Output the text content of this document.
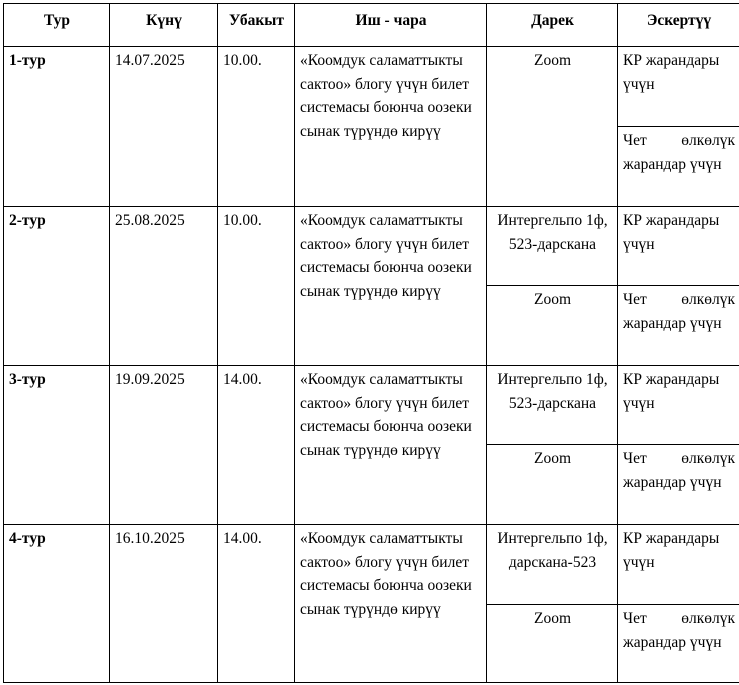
Тур	Күнү	Убакыт	Иш - чара	Дарек	Эскертүү
1-тур	14.07.2025	10.00.	«Коомдук саламаттыкты сактоо» блогу үчүн билет системасы боюнча оозеки сынак түрүндө кирүү	Zoom	КР жарандары үчүн
					Чет өлкөлүк жарандар үчүн
2-тур	25.08.2025	10.00.	«Коомдук саламаттыкты сактоо» блогу үчүн билет системасы боюнча оозеки сынак түрүндө кирүү	Интергельпо 1ф, 523-дарскана	КР жарандары үчүн
				Zoom	Чет өлкөлүк жарандар үчүн
3-тур	19.09.2025	14.00.	«Коомдук саламаттыкты сактоо» блогу үчүн билет системасы боюнча оозеки сынак түрүндө кирүү	Интергельпо 1ф, 523-дарскана	КР жарандары үчүн
				Zoom	Чет өлкөлүк жарандар үчүн
4-тур	16.10.2025	14.00.	«Коомдук саламаттыкты сактоо» блогу үчүн билет системасы боюнча оозеки сынак түрүндө кирүү	Интергельпо 1ф, дарскана-523	КР жарандары үчүн
				Zoom	Чет өлкөлүк жарандар үчүн
